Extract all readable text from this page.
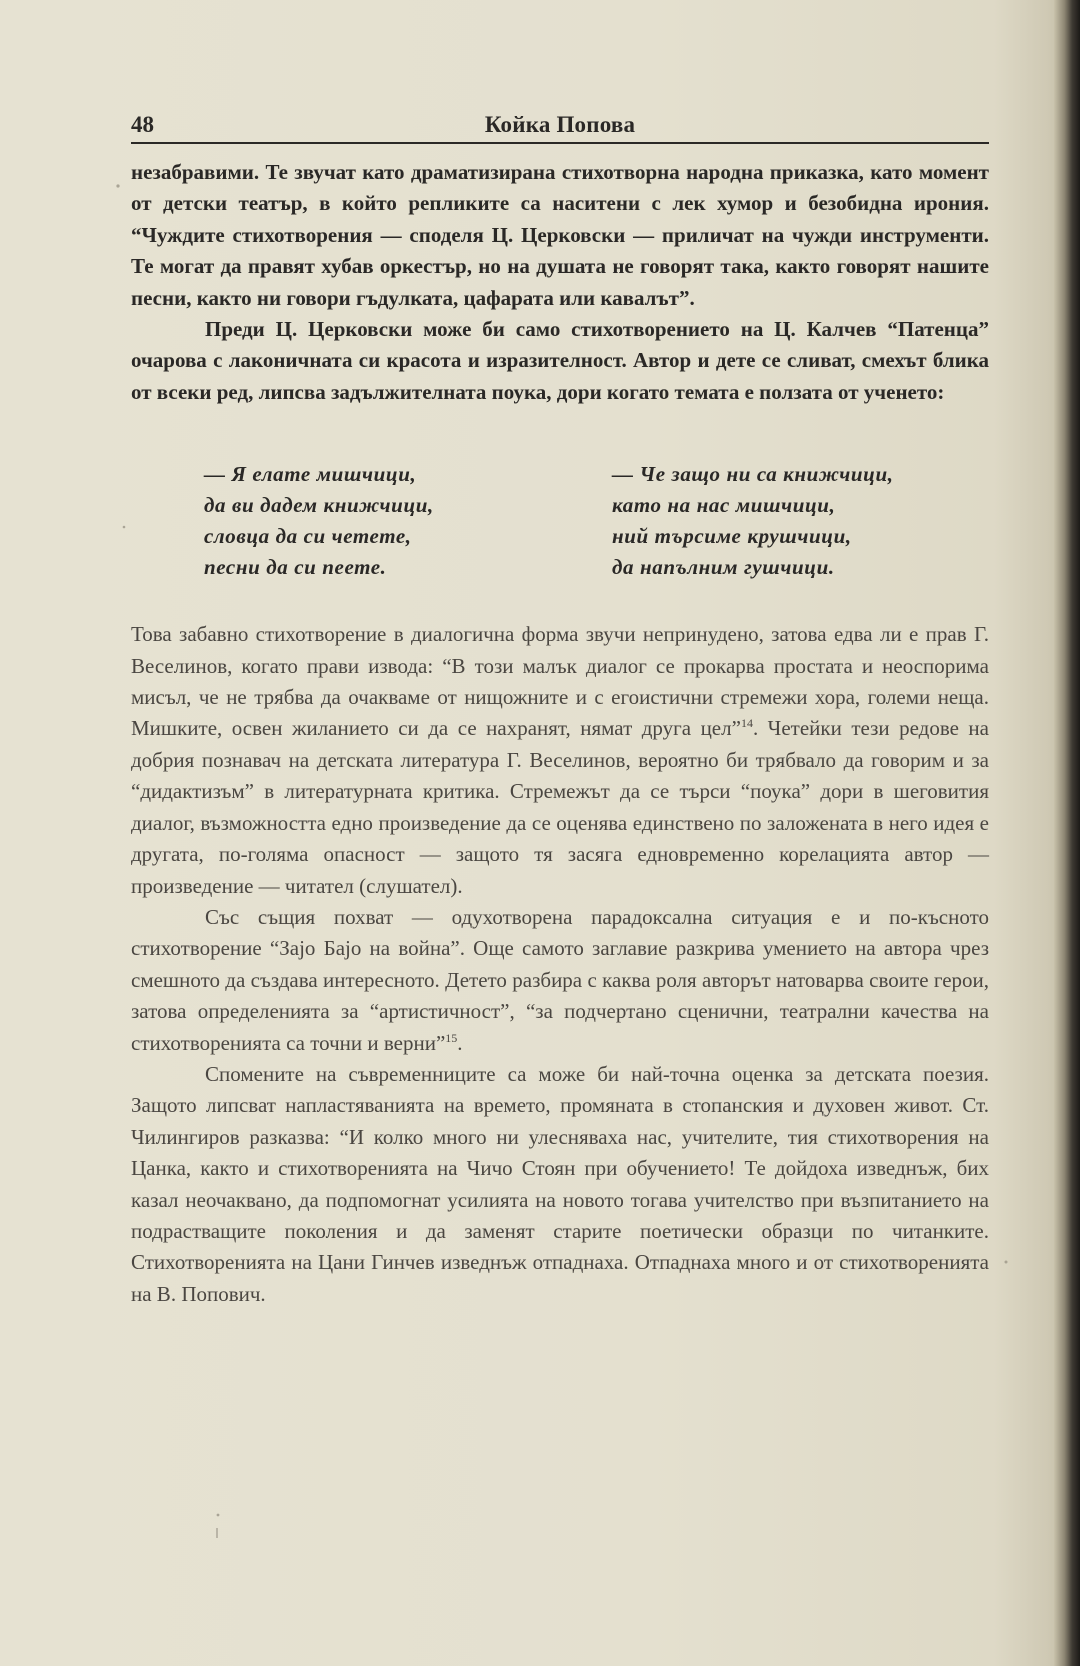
48	Койка Попова

незабравими. Те звучат като драматизирана стихотворна народна приказка, като момент от детски театър, в който репликите са наситени с лек хумор и безобидна ирония. “Чуждите стихотворения — споделя Ц. Церковски — приличат на чужди инструменти. Те могат да правят хубав оркестър, но на душата не говорят така, както говорят нашите песни, както ни говори гъдулката, цафарата или кавалът”.

Преди Ц. Церковски може би само стихотворението на Ц. Калчев “Патенца” очарова с лаконичната си красота и изразителност. Автор и дете се сливат, смехът блика от всеки ред, липсва задължителната поука, дори когато темата е ползата от ученето:

— Я елате мишчици,
да ви дадем книжчици,
словца да си четете,
песни да си пеете.
— Че защо ни са книжчици,
като на нас мишчици,
ний търсиме крушчици,
да напълним гушчици.

Това забавно стихотворение в диалогична форма звучи непринудено, затова едва ли е прав Г. Веселинов, когато прави извода: “В този малък диалог се прокарва простата и неоспорима мисъл, че не трябва да очакваме от нищожните и с егоистични стремежи хора, големи неща. Мишките, освен жиланието си да се нахранят, нямат друга цел”$^{14}$. Четейки тези редове на добрия познавач на детската литература Г. Веселинов, вероятно би трябвало да говорим и за “дидактизъм” в литературната критика. Стремежът да се търси “поука” дори в шеговития диалог, възможността едно произведение да се оценява единствено по заложената в него идея е другата, по-голяма опасност — защото тя засяга едновременно корелацията автор — произведение — читател (слушател).

Със същия похват — одухотворена парадоксална ситуация е и по-късното стихотворение “Зајо Бајо на война”. Още самото заглавие разкрива умението на автора чрез смешното да създава интересното. Детето разбира с каква роля авторът натоварва своите герои, затова определенията за “артистичност”, “за подчертано сценични, театрални качества на стихотворенията са точни и верни”$^{15}$.

Спомените на съвременниците са може би най-точна оценка за детската поезия. Защото липсват напластяванията на времето, промяната в стопанския и духовен живот. Ст. Чилингиров разказва: “И колко много ни улесняваха нас, учителите, тия стихотворения на Цанка, както и стихотворенията на Чичо Стоян при обучението! Те дойдоха изведнъж, бих казал неочаквано, да подпомогнат усилията на новото тогава учителство при възпитанието на подрастващите поколения и да заменят старите поетически образци по читанките. Стихотворенията на Цани Гинчев изведнъж отпаднаха. Отпаднаха много и от стихотворенията на В. Попович.
